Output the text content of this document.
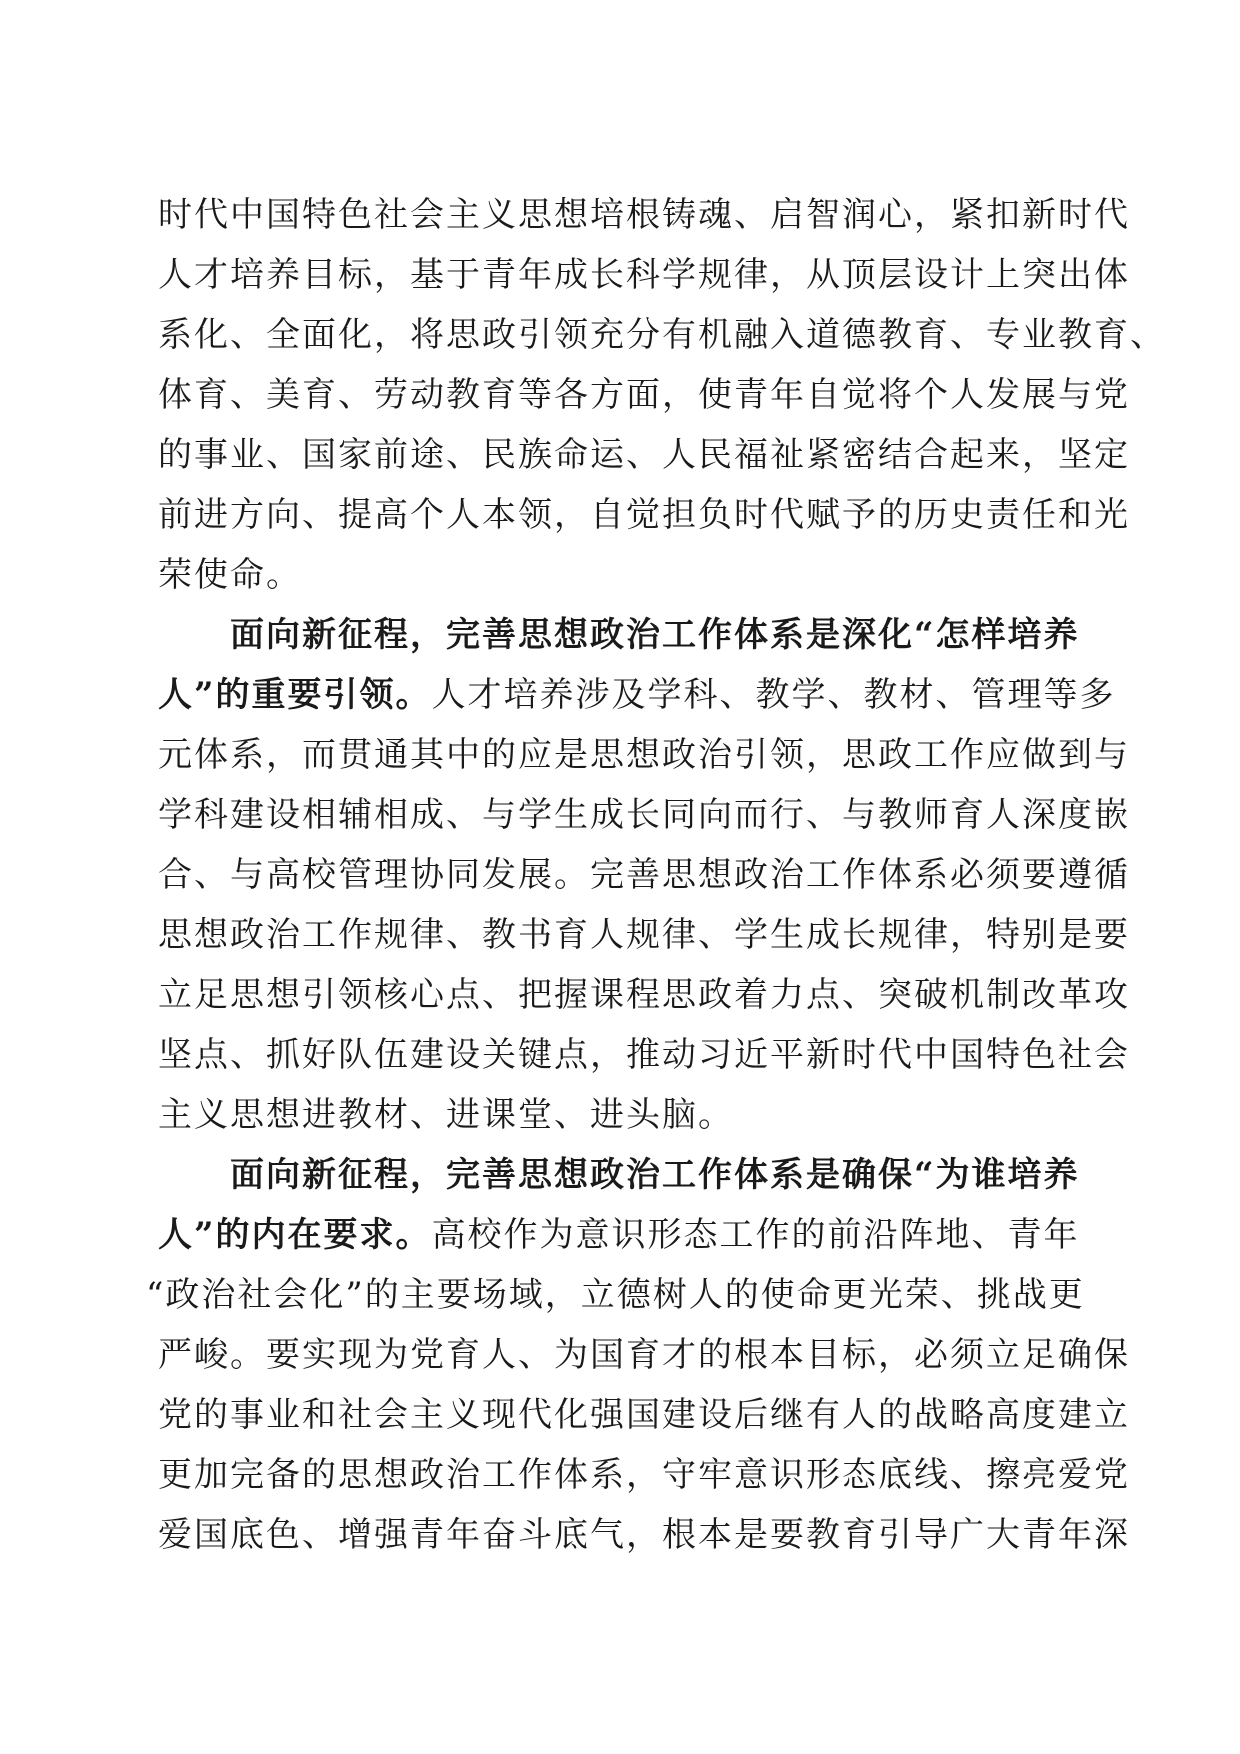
时代中国特色社会主义思想培根铸魂、启智润心，紧扣新时代
人才培养目标，基于青年成长科学规律，从顶层设计上突出体
系化、全面化，将思政引领充分有机融入道德教育、专业教育、
体育、美育、劳动教育等各方面，使青年自觉将个人发展与党
的事业、国家前途、民族命运、人民福祉紧密结合起来，坚定
前进方向、提高个人本领，自觉担负时代赋予的历史责任和光
荣使命。
面向新征程，完善思想政治工作体系是深化“怎样培养
人”的重要引领。人才培养涉及学科、教学、教材、管理等多
元体系，而贯通其中的应是思想政治引领，思政工作应做到与
学科建设相辅相成、与学生成长同向而行、与教师育人深度嵌
合、与高校管理协同发展。完善思想政治工作体系必须要遵循
思想政治工作规律、教书育人规律、学生成长规律，特别是要
立足思想引领核心点、把握课程思政着力点、突破机制改革攻
坚点、抓好队伍建设关键点，推动习近平新时代中国特色社会
主义思想进教材、进课堂、进头脑。
面向新征程，完善思想政治工作体系是确保“为谁培养
人”的内在要求。高校作为意识形态工作的前沿阵地、青年
“政治社会化”的主要场域，立德树人的使命更光荣、挑战更
严峻。要实现为党育人、为国育才的根本目标，必须立足确保
党的事业和社会主义现代化强国建设后继有人的战略高度建立
更加完备的思想政治工作体系，守牢意识形态底线、擦亮爱党
爱国底色、增强青年奋斗底气，根本是要教育引导广大青年深
